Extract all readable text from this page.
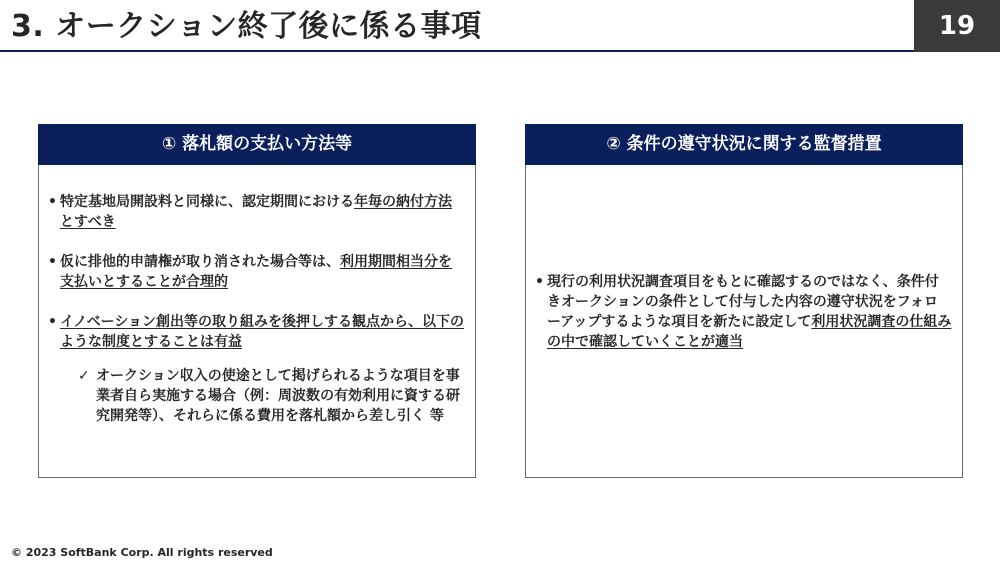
3. オークション終了後に係る事項	19
① 落札額の支払い方法等
• 特定基地局開設料と同様に、認定期間における年毎の納付方法とすべき
• 仮に排他的申請権が取り消された場合等は、利用期間相当分を支払いとすることが合理的
• イノベーション創出等の取り組みを後押しする観点から、以下のような制度とすることは有益
✓ オークション収入の使途として掲げられるような項目を事業者自ら実施する場合（例：周波数の有効利用に資する研究開発等）、それらに係る費用を落札額から差し引く 等
② 条件の遵守状況に関する監督措置
• 現行の利用状況調査項目をもとに確認するのではなく、条件付きオークションの条件として付与した内容の遵守状況をフォローアップするような項目を新たに設定して利用状況調査の仕組みの中で確認していくことが適当
© 2023 SoftBank Corp. All rights reserved
